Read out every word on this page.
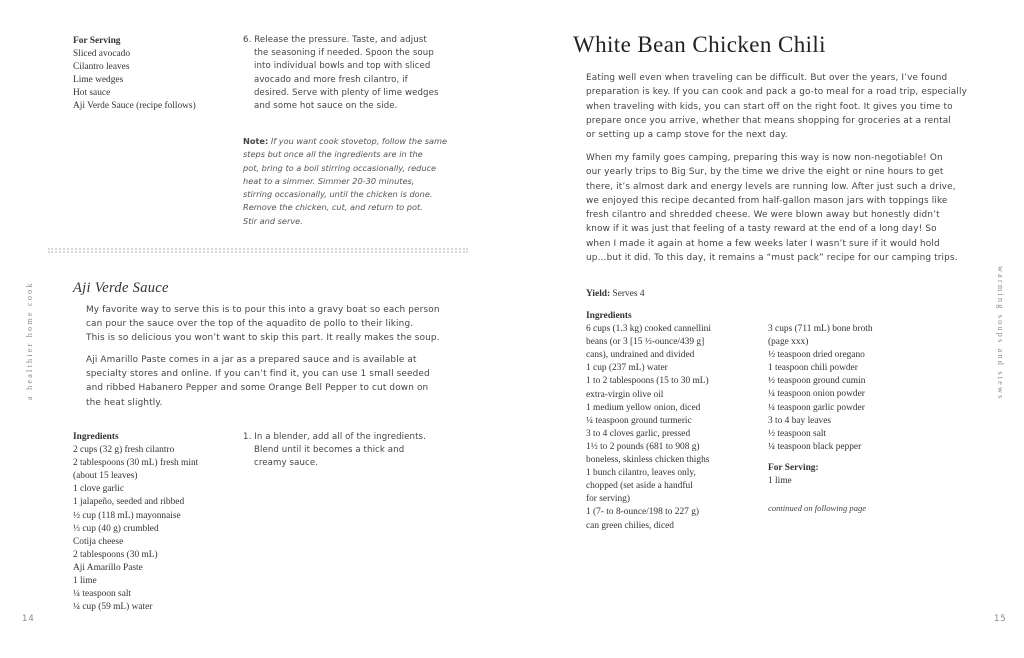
For Serving
Sliced avocado
Cilantro leaves
Lime wedges
Hot sauce
Aji Verde Sauce (recipe follows)
6. Release the pressure. Taste, and adjust
the seasoning if needed. Spoon the soup
into individual bowls and top with sliced
avocado and more fresh cilantro, if
desired. Serve with plenty of lime wedges
and some hot sauce on the side.
Note: If you want cook stovetop, follow the same
steps but once all the ingredients are in the
pot, bring to a boil stirring occasionally, reduce
heat to a simmer. Simmer 20-30 minutes,
stirring occasionally, until the chicken is done.
Remove the chicken, cut, and return to pot.
Stir and serve.
Aji Verde Sauce
My favorite way to serve this is to pour this into a gravy boat so each person
can pour the sauce over the top of the aquadito de pollo to their liking.
This is so delicious you won’t want to skip this part. It really makes the soup.
Aji Amarillo Paste comes in a jar as a prepared sauce and is available at
specialty stores and online. If you can’t find it, you can use 1 small seeded
and ribbed Habanero Pepper and some Orange Bell Pepper to cut down on
the heat slightly.
Ingredients
2 cups (32 g) fresh cilantro
2 tablespoons (30 mL) fresh mint
(about 15 leaves)
1 clove garlic
1 jalapeño, seeded and ribbed
½ cup (118 mL) mayonnaise
⅓ cup (40 g) crumbled
Cotija cheese
2 tablespoons (30 mL)
Aji Amarillo Paste
1 lime
¼ teaspoon salt
¼ cup (59 mL) water
1. In a blender, add all of the ingredients.
Blend until it becomes a thick and
creamy sauce.
a healthier home cook
14
White Bean Chicken Chili
Eating well even when traveling can be difficult. But over the years, I’ve found
preparation is key. If you can cook and pack a go-to meal for a road trip, especially
when traveling with kids, you can start off on the right foot. It gives you time to
prepare once you arrive, whether that means shopping for groceries at a rental
or setting up a camp stove for the next day.
When my family goes camping, preparing this way is now non-negotiable! On
our yearly trips to Big Sur, by the time we drive the eight or nine hours to get
there, it’s almost dark and energy levels are running low. After just such a drive,
we enjoyed this recipe decanted from half-gallon mason jars with toppings like
fresh cilantro and shredded cheese. We were blown away but honestly didn’t
know if it was just that feeling of a tasty reward at the end of a long day! So
when I made it again at home a few weeks later I wasn’t sure if it would hold
up…but it did. To this day, it remains a “must pack” recipe for our camping trips.
Yield: Serves 4
Ingredients
6 cups (1.3 kg) cooked cannellini
beans (or 3 [15 ½-ounce/439 g]
cans), undrained and divided
1 cup (237 mL) water
1 to 2 tablespoons (15 to 30 mL)
extra-virgin olive oil
1 medium yellow onion, diced
¼ teaspoon ground turmeric
3 to 4 cloves garlic, pressed
1½ to 2 pounds (681 to 908 g)
boneless, skinless chicken thighs
1 bunch cilantro, leaves only,
chopped (set aside a handful
for serving)
1 (7- to 8-ounce/198 to 227 g)
can green chilies, diced
3 cups (711 mL) bone broth
(page xxx)
½ teaspoon dried oregano
1 teaspoon chili powder
½ teaspoon ground cumin
¼ teaspoon onion powder
¼ teaspoon garlic powder
3 to 4 bay leaves
½ teaspoon salt
¼ teaspoon black pepper
For Serving:
1 lime
continued on following page
warming soups and stews
15
